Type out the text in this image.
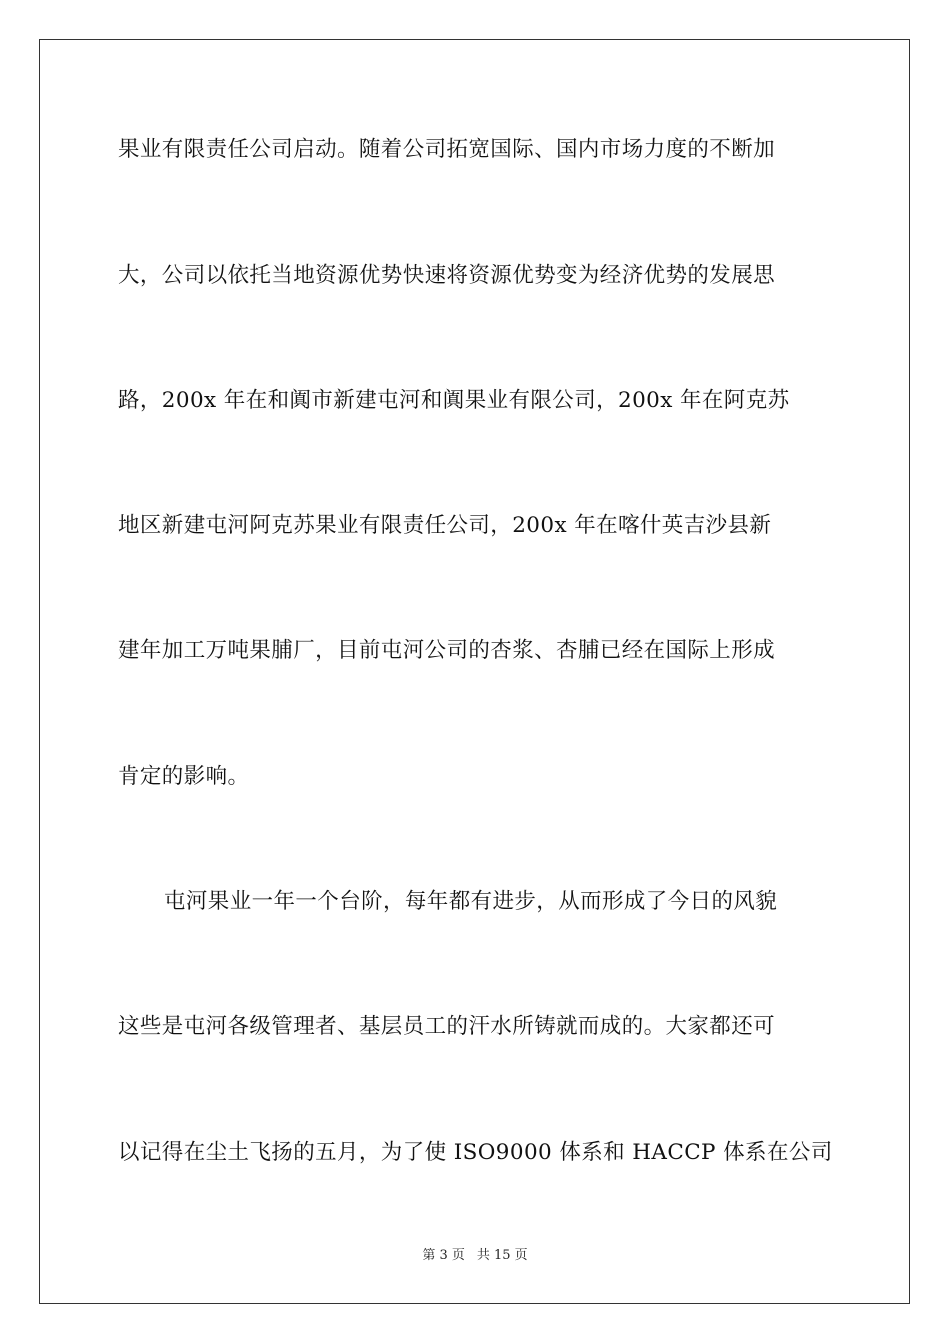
果业有限责任公司启动。随着公司拓宽国际、国内市场力度的不断加
大，公司以依托当地资源优势快速将资源优势变为经济优势的发展思
路，200x 年在和阗市新建屯河和阗果业有限公司，200x 年在阿克苏
地区新建屯河阿克苏果业有限责任公司，200x 年在喀什英吉沙县新
建年加工万吨果脯厂，目前屯河公司的杏浆、杏脯已经在国际上形成
肯定的影响。
屯河果业一年一个台阶，每年都有进步，从而形成了今日的风貌
这些是屯河各级管理者、基层员工的汗水所铸就而成的。大家都还可
以记得在尘土飞扬的五月，为了使 ISO9000 体系和 HACCP 体系在公司
第 3 页 共 15 页
